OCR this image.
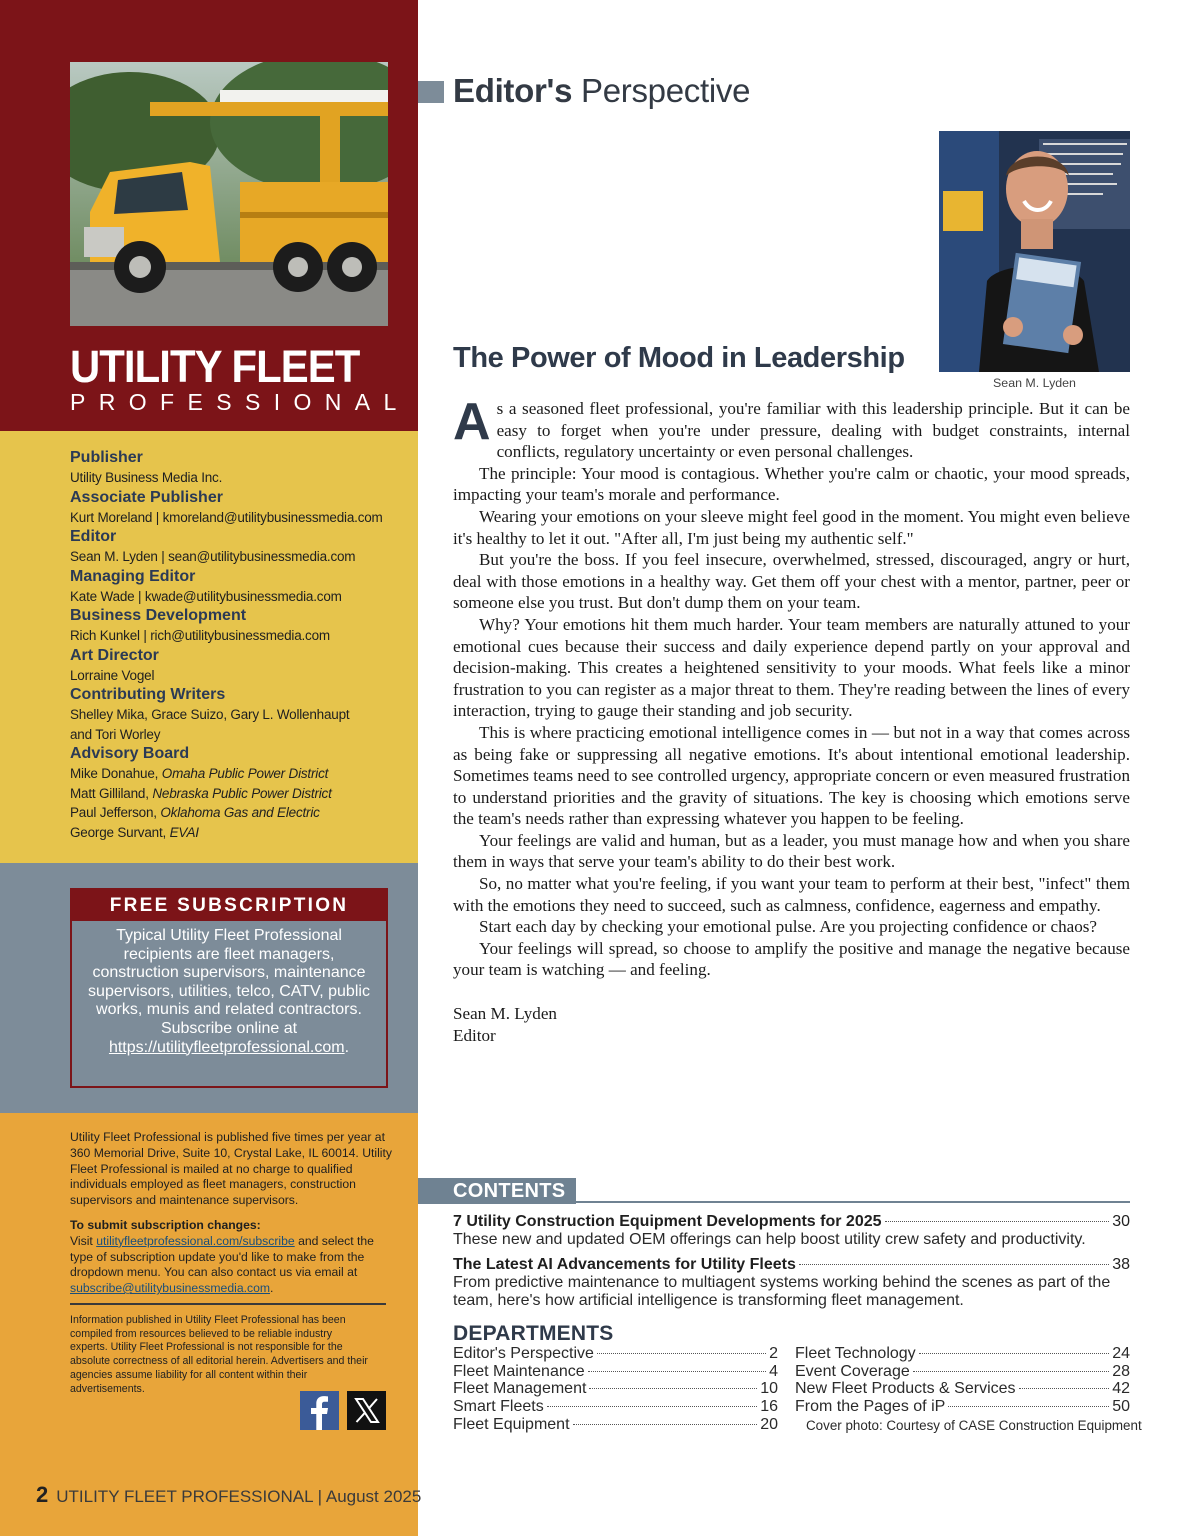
UTILITY FLEET
PROFESSIONAL
Publisher
Utility Business Media Inc.
Associate Publisher
Kurt Moreland | kmoreland@utilitybusinessmedia.com
Editor
Sean M. Lyden | sean@utilitybusinessmedia.com
Managing Editor
Kate Wade | kwade@utilitybusinessmedia.com
Business Development
Rich Kunkel | rich@utilitybusinessmedia.com
Art Director
Lorraine Vogel
Contributing Writers
Shelley Mika, Grace Suizo, Gary L. Wollenhaupt
and Tori Worley
Advisory Board
Mike Donahue, Omaha Public Power District
Matt Gilliland, Nebraska Public Power District
Paul Jefferson, Oklahoma Gas and Electric
George Survant, EVAI
FREE SUBSCRIPTION
Typical Utility Fleet Professional recipients are fleet managers, construction supervisors, maintenance supervisors, utilities, telco, CATV, public works, munis and related contractors. Subscribe online at
https://utilityfleetprofessional.com.

Utility Fleet Professional is published five times per year at 360 Memorial Drive, Suite 10, Crystal Lake, IL 60014. Utility Fleet Professional is mailed at no charge to qualified individuals employed as fleet managers, construction supervisors and maintenance supervisors.

To submit subscription changes:

Visit utilityfleetprofessional.com/subscribe and select the type of subscription update you'd like to make from the dropdown menu. You can also contact us via email at subscribe@utilitybusinessmedia.com.

Information published in Utility Fleet Professional has been compiled from resources believed to be reliable industry experts. Utility Fleet Professional is not responsible for the absolute correctness of all editorial herein. Advertisers and their agencies assume liability for all content within their advertisements.
2 UTILITY FLEET PROFESSIONAL | August 2025
Editor's Perspective
Sean M. Lyden
The Power of Mood in Leadership

As a seasoned fleet professional, you're familiar with this leadership principle. But it can be easy to forget when you're under pressure, dealing with budget constraints, internal conflicts, regulatory uncertainty or even personal challenges.

The principle: Your mood is contagious. Whether you're calm or chaotic, your mood spreads, impacting your team's morale and performance.

Wearing your emotions on your sleeve might feel good in the moment. You might even believe it's healthy to let it out. "After all, I'm just being my authentic self."

But you're the boss. If you feel insecure, overwhelmed, stressed, discouraged, angry or hurt, deal with those emotions in a healthy way. Get them off your chest with a mentor, partner, peer or someone else you trust. But don't dump them on your team.

Why? Your emotions hit them much harder. Your team members are naturally attuned to your emotional cues because their success and daily experience depend partly on your approval and decision-making. This creates a heightened sensitivity to your moods. What feels like a minor frustration to you can register as a major threat to them. They're reading between the lines of every interaction, trying to gauge their standing and job security.

This is where practicing emotional intelligence comes in — but not in a way that comes across as being fake or suppressing all negative emotions. It's about intentional emotional leadership. Sometimes teams need to see controlled urgency, appropriate concern or even measured frustration to understand priorities and the gravity of situations. The key is choosing which emotions serve the team's needs rather than expressing whatever you happen to be feeling.

Your feelings are valid and human, but as a leader, you must manage how and when you share them in ways that serve your team's ability to do their best work.

So, no matter what you're feeling, if you want your team to perform at their best, "infect" them with the emotions they need to succeed, such as calmness, confidence, eagerness and empathy.

Start each day by checking your emotional pulse. Are you projecting confidence or chaos?

Your feelings will spread, so choose to amplify the positive and manage the negative because your team is watching — and feeling.

Sean M. Lyden
Editor
CONTENTS
7 Utility Construction Equipment Developments for 2025	30
These new and updated OEM offerings can help boost utility crew safety and productivity.
The Latest AI Advancements for Utility Fleets	38
From predictive maintenance to multiagent systems working behind the scenes as part of the team, here's how artificial intelligence is transforming fleet management.
DEPARTMENTS
Editor's Perspective	2
Fleet Maintenance	4
Fleet Management	10
Smart Fleets	16
Fleet Equipment	20
Fleet Technology	24
Event Coverage	28
New Fleet Products & Services	42
From the Pages of iP	50
Cover photo: Courtesy of CASE Construction Equipment
